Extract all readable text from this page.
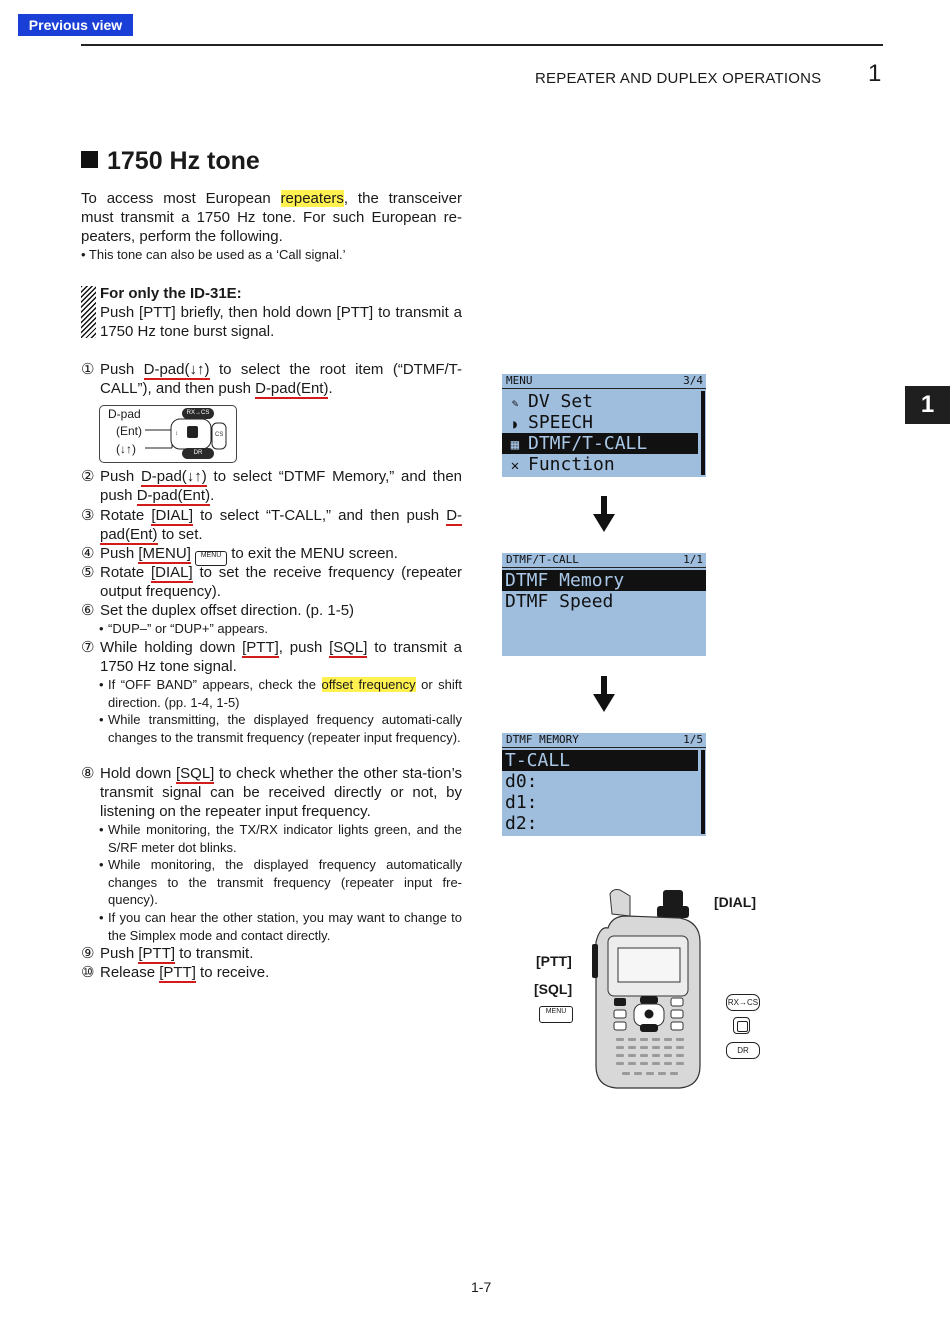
Previous view
REPEATER AND DUPLEX OPERATIONS 1
1
1750 Hz tone
To access most European repeaters, the transceiver must transmit a 1750 Hz tone. For such European re-peaters, perform the following.
• This tone can also be used as a ‘Call signal.’
For only the ID-31E:
Push [PTT] briefly, then hold down [PTT] to transmit a 1750 Hz tone burst signal.
① Push D-pad(↓↑) to select the root item (“DTMF/T-CALL”), and then push D-pad(Ent).
D-pad
(Ent)
(↓↑)
RX→CS
DR
↕	CS
② Push D-pad(↓↑) to select “DTMF Memory,” and then push D-pad(Ent).
③ Rotate [DIAL] to select “T-CALL,” and then push D-pad(Ent) to set.
④ Push [MENU] MENU to exit the MENU screen.
⑤ Rotate [DIAL] to set the receive frequency (repeater output frequency).
⑥ Set the duplex offset direction. (p. 1-5)
• “DUP–” or “DUP+” appears.
⑦ While holding down [PTT], push [SQL] to transmit a 1750 Hz tone signal.
• If “OFF BAND” appears, check the offset frequency or shift direction. (pp. 1-4, 1-5)
• While transmitting, the displayed frequency automati-cally changes to the transmit frequency (repeater input frequency).
⑧ Hold down [SQL] to check whether the other sta-tion’s transmit signal can be received directly or not, by listening on the repeater input frequency.
• While monitoring, the TX/RX indicator lights green, and the S/RF meter dot blinks.
• While monitoring, the displayed frequency automatically changes to the transmit frequency (repeater input fre-quency).
• If you can hear the other station, you may want to change to the Simplex mode and contact directly.
⑨ Push [PTT] to transmit.
⑩ Release [PTT] to receive.
MENU	3/4
✎ DV Set
◗ SPEECH
▦ DTMF/T-CALL
✕ Function
DTMF/T-CALL	1/1
DTMF Memory
DTMF Speed
DTMF MEMORY	1/5
T-CALL
d0:
d1:
d2:
[DIAL]
[PTT]
[SQL]
MENU
RX→CS
DR
1-7
